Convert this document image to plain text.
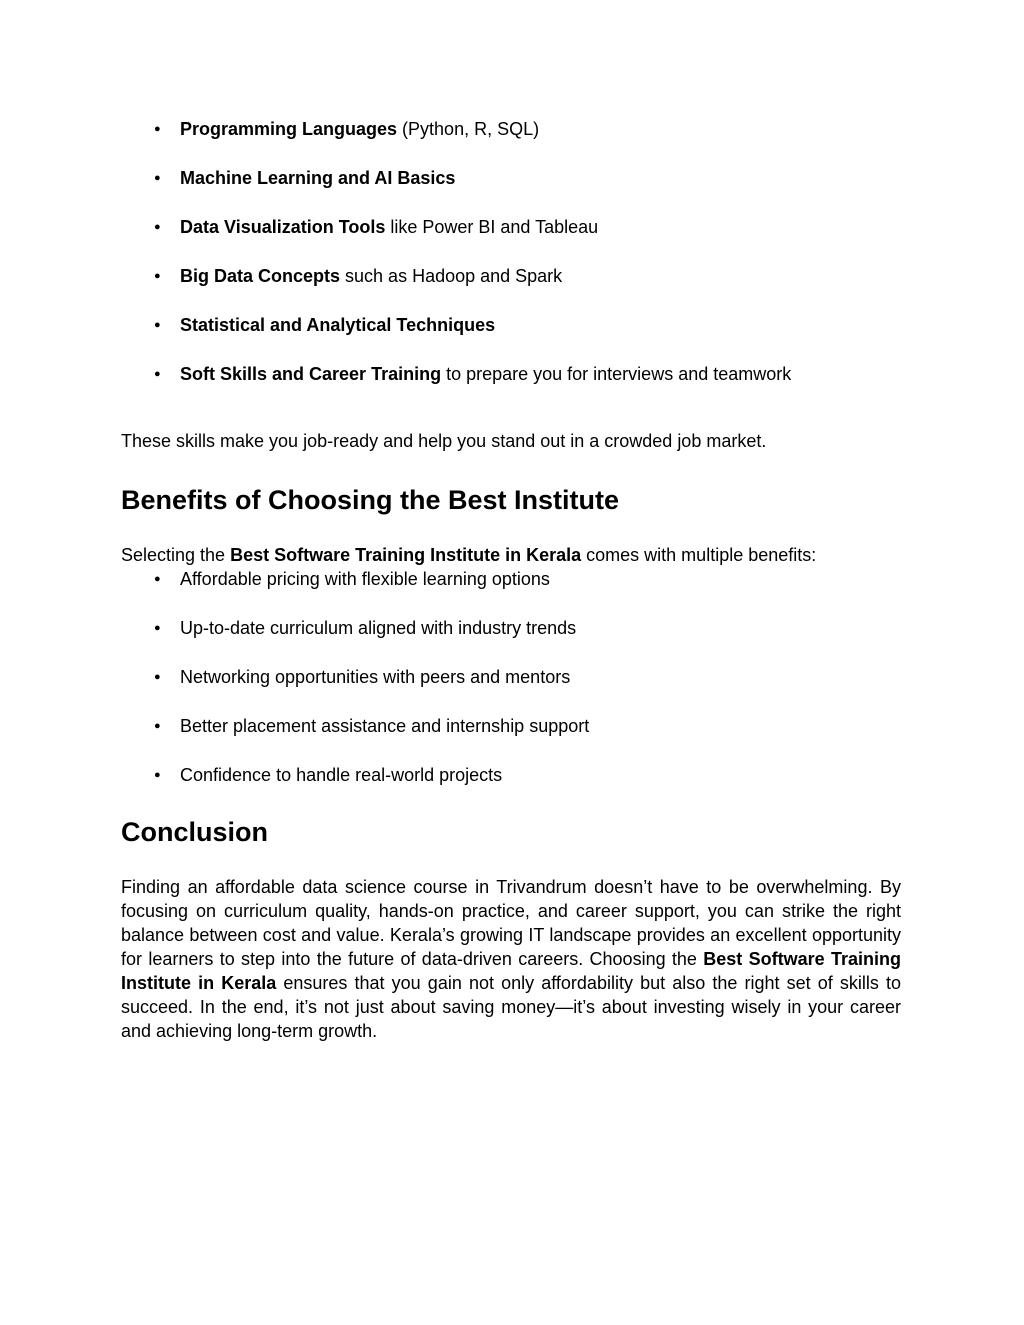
● Programming Languages (Python, R, SQL)
● Machine Learning and AI Basics
● Data Visualization Tools like Power BI and Tableau
● Big Data Concepts such as Hadoop and Spark
● Statistical and Analytical Techniques
● Soft Skills and Career Training to prepare you for interviews and teamwork

These skills make you job-ready and help you stand out in a crowded job market.

Benefits of Choosing the Best Institute

Selecting the Best Software Training Institute in Kerala comes with multiple benefits:

● Affordable pricing with flexible learning options
● Up-to-date curriculum aligned with industry trends
● Networking opportunities with peers and mentors
● Better placement assistance and internship support
● Confidence to handle real-world projects
Conclusion

Finding an affordable data science course in Trivandrum doesn’t have to be overwhelming. By focusing on curriculum quality, hands-on practice, and career support, you can strike the right balance between cost and value. Kerala’s growing IT landscape provides an excellent opportunity for learners to step into the future of data-driven careers. Choosing the Best Software Training Institute in Kerala ensures that you gain not only affordability but also the right set of skills to succeed. In the end, it’s not just about saving money—it’s about investing wisely in your career and achieving long-term growth.
